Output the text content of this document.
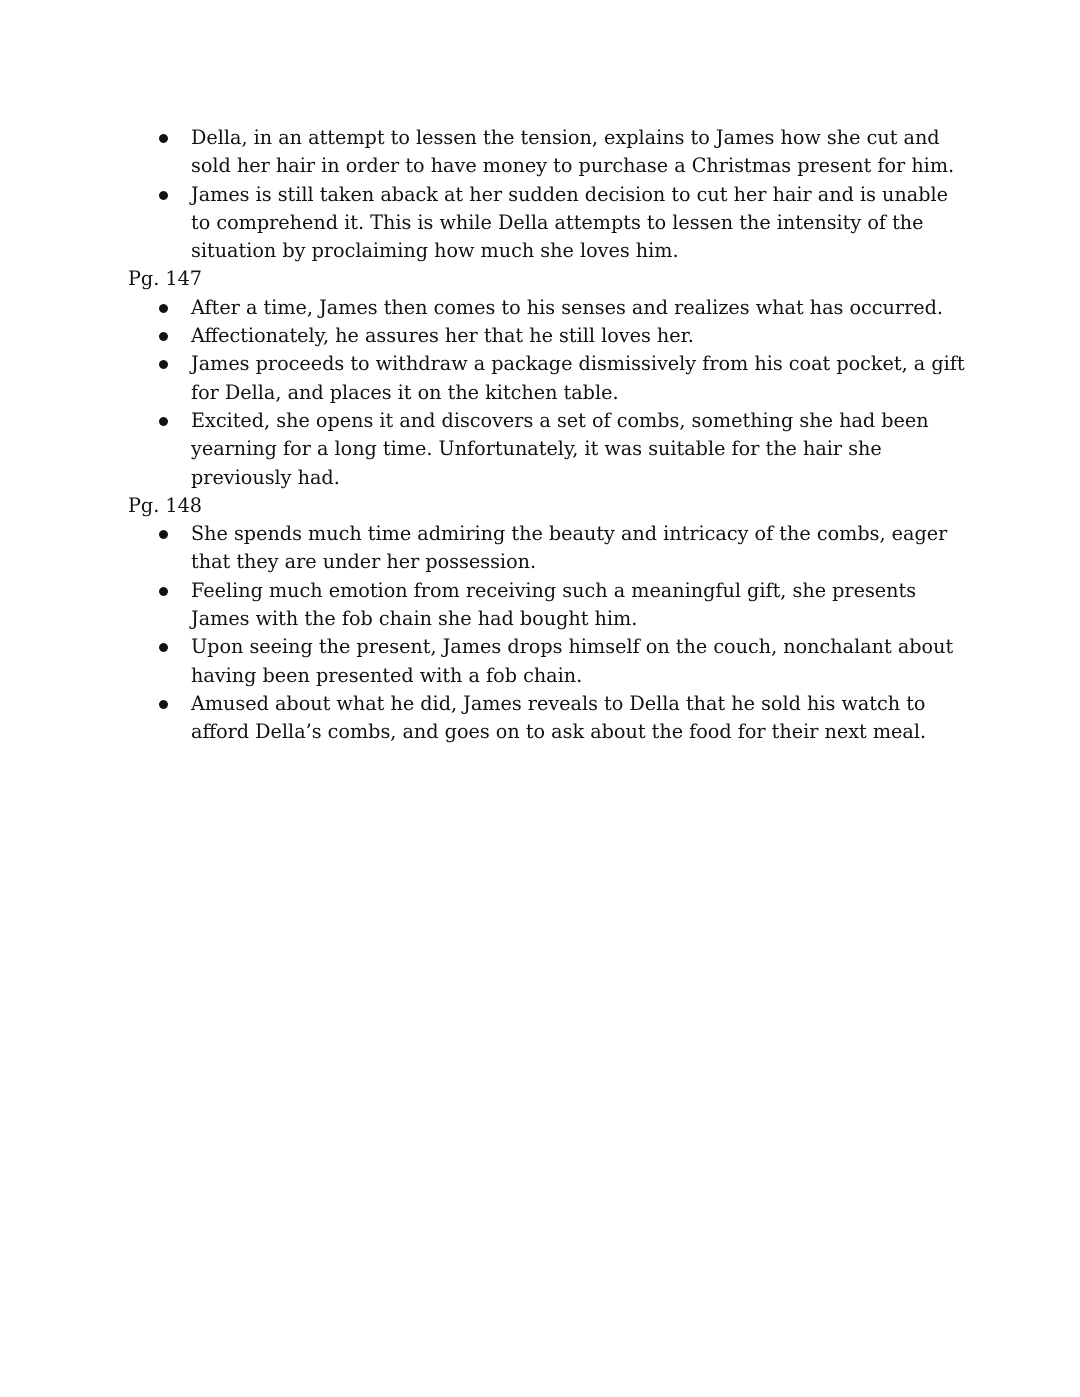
Della, in an attempt to lessen the tension, explains to James how she cut and sold her hair in order to have money to purchase a Christmas present for him.
James is still taken aback at her sudden decision to cut her hair and is unable to comprehend it. This is while Della attempts to lessen the intensity of the situation by proclaiming how much she loves him.

Pg. 147

After a time, James then comes to his senses and realizes what has occurred.
Affectionately, he assures her that he still loves her.
James proceeds to withdraw a package dismissively from his coat pocket, a gift for Della, and places it on the kitchen table.
Excited, she opens it and discovers a set of combs, something she had been yearning for a long time. Unfortunately, it was suitable for the hair she previously had.

Pg. 148

She spends much time admiring the beauty and intricacy of the combs, eager that they are under her possession.
Feeling much emotion from receiving such a meaningful gift, she presents James with the fob chain she had bought him.
Upon seeing the present, James drops himself on the couch, nonchalant about having been presented with a fob chain.
Amused about what he did, James reveals to Della that he sold his watch to afford Della’s combs, and goes on to ask about the food for their next meal.
